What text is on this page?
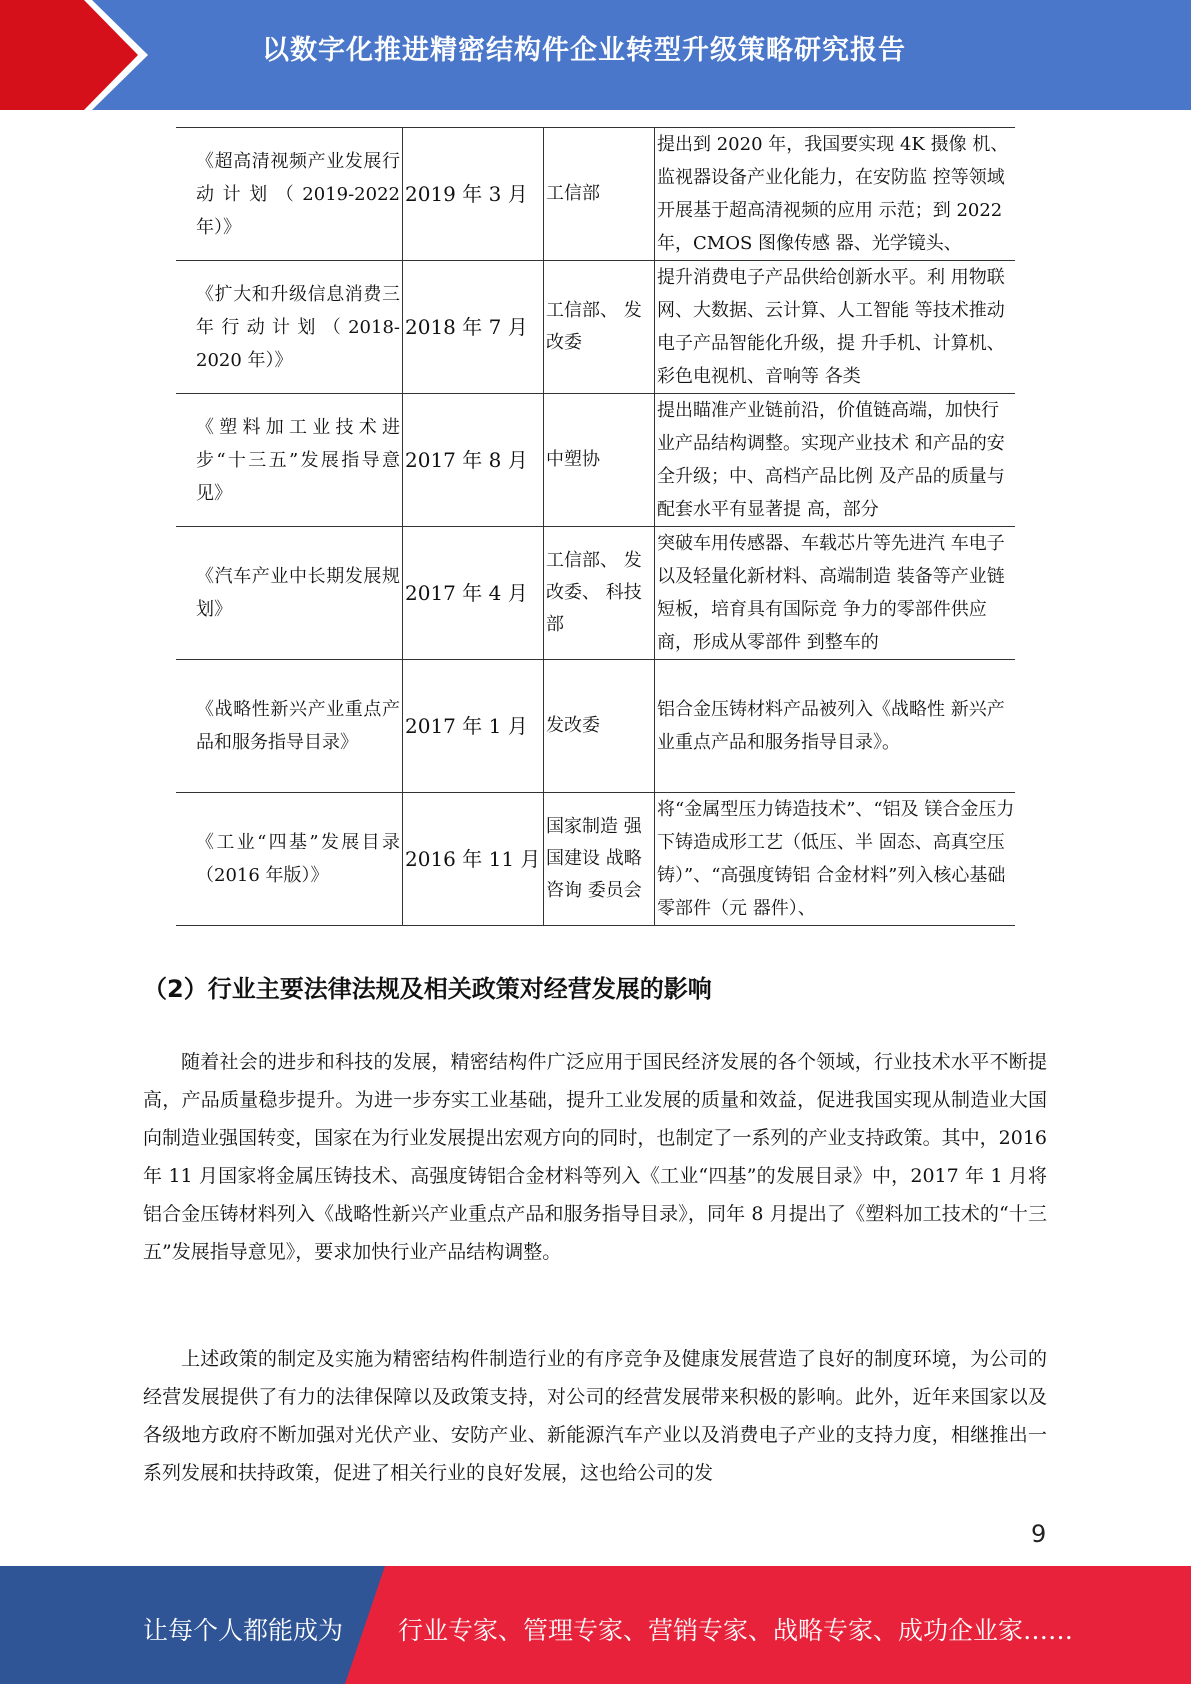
以数字化推进精密结构件企业转型升级策略研究报告
《超高清视频产业发展行动计划（2019-2022年）》	2019 年 3 月	工信部	提出到 2020 年，我国要实现 4K 摄像 机、监视器设备产业化能力，在安防监 控等领域开展基于超高清视频的应用 示范；到 2022 年，CMOS 图像传感 器、光学镜头、

《扩大和升级信息消费三年行动计划（2018-2020 年）》	2018 年 7 月	工信部、 发改委	提升消费电子产品供给创新水平。利 用物联网、大数据、云计算、人工智能 等技术推动电子产品智能化升级，提 升手机、计算机、彩色电视机、音响等 各类

《塑料加工业技术进步“十三五”发展指导意见》	2017 年 8 月	中塑协	提出瞄准产业链前沿，价值链高端，加快行业产品结构调整。实现产业技术 和产品的安全升级；中、高档产品比例 及产品的质量与配套水平有显著提 高，部分

《汽车产业中长期发展规划》	2017 年 4 月	工信部、 发改委、 科技部	突破车用传感器、车载芯片等先进汽 车电子以及轻量化新材料、高端制造 装备等产业链短板，培育具有国际竞 争力的零部件供应商，形成从零部件 到整车的

《战略性新兴产业重点产品和服务指导目录》	2017 年 1 月	发改委	铝合金压铸材料产品被列入《战略性 新兴产业重点产品和服务指导目录》。

《工业“四基”发展目录（2016 年版）》	2016 年 11 月	国家制造 强国建设 战略咨询 委员会	将“金属型压力铸造技术”、“铝及 镁合金压力下铸造成形工艺（低压、半 固态、高真空压铸）”、“高强度铸铝 合金材料”列入核心基础零部件（元 器件）、
（2）行业主要法律法规及相关政策对经营发展的影响

随着社会的进步和科技的发展，精密结构件广泛应用于国民经济发展的各个领域，行业技术水平不断提高，产品质量稳步提升。为进一步夯实工业基础，提升工业发展的质量和效益，促进我国实现从制造业大国向制造业强国转变，国家在为行业发展提出宏观方向的同时，也制定了一系列的产业支持政策。其中，2016 年 11 月国家将金属压铸技术、高强度铸铝合金材料等列入《工业“四基”的发展目录》中，2017 年 1 月将铝合金压铸材料列入《战略性新兴产业重点产品和服务指导目录》，同年 8 月提出了《塑料加工技术的“十三五”发展指导意见》，要求加快行业产品结构调整。

上述政策的制定及实施为精密结构件制造行业的有序竞争及健康发展营造了良好的制度环境，为公司的经营发展提供了有力的法律保障以及政策支持，对公司的经营发展带来积极的影响。此外，近年来国家以及各级地方政府不断加强对光伏产业、安防产业、新能源汽车产业以及消费电子产业的支持力度，相继推出一系列发展和扶持政策，促进了相关行业的良好发展，这也给公司的发

9
让每个人都能成为 行业专家、管理专家、营销专家、战略专家、成功企业家……
